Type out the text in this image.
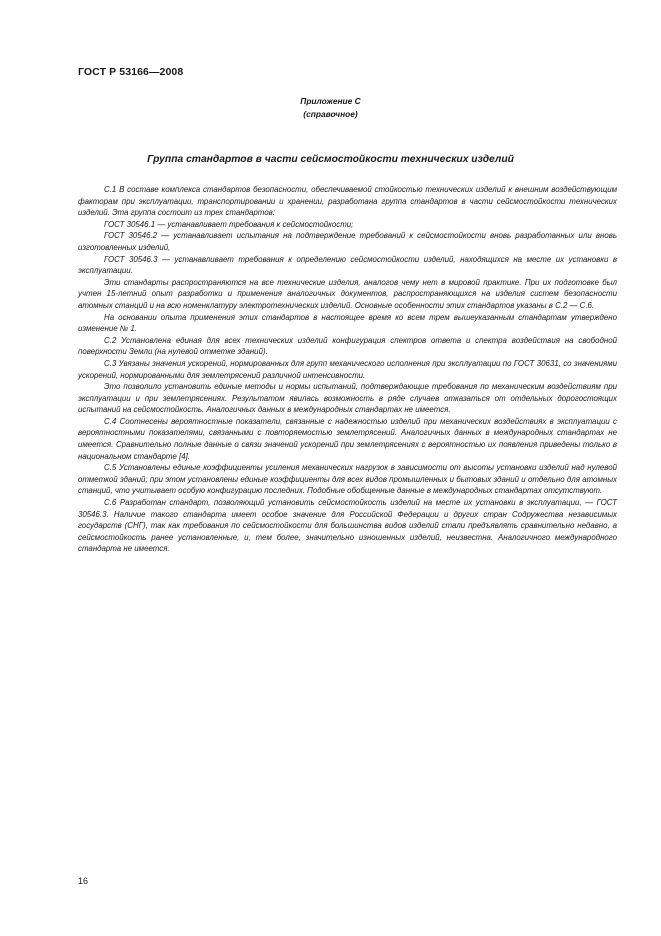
ГОСТ Р 53166—2008
Приложение С
(справочное)
Группа стандартов в части сейсмостойкости технических изделий

С.1 В составе комплекса стандартов безопасности, обеспечиваемой стойкостью технических изделий к внешним воздействующим факторам при эксплуатации, транспортировании и хранении, разработана группа стандартов в части сейсмостойкости технических изделий. Эта группа состоит из трех стандартов:

ГОСТ 30546.1 — устанавливает требования к сейсмостойкости;

ГОСТ 30546.2 — устанавливает испытания на подтверждение требований к сейсмостойкости вновь разработанных или вновь изготовленных изделий,

ГОСТ 30546.3 — устанавливает требования к определению сейсмостойкости изделий, находящихся на месте их установки в эксплуатации.

Эти стандарты распространяются на все технические изделия, аналогов чему нет в мировой практике. При их подготовке был учтен 15-летний опыт разработки и применения аналогичных документов, распространяющихся на изделия систем безопасности атомных станций и на всю номенклатуру электротехнических изделий. Основные особенности этих стандартов указаны в С.2 — С.6.

На основании опыта применения этих стандартов в настоящее время ко всем трем вышеуказанным стандартам утверждено изменение № 1.

С.2 Установлена единая для всех технических изделий конфигурация спектров ответа и спектра воздействия на свободной поверхности Земли (на нулевой отметке зданий).

С.3 Увязаны значения ускорений, нормированных для групп механического исполнения при эксплуатации по ГОСТ 30631, со значениями ускорений, нормированными для землетрясений различной интенсивности.

Это позволило установить единые методы и нормы испытаний, подтверждающие требования по механическим воздействиям при эксплуатации и при землетрясениях. Результатом явилась возможность в ряде случаев отказаться от отдельных дорогостоящих испытаний на сейсмостойкость. Аналогичных данных в международных стандартах не имеется.

С.4 Соотнесены вероятностные показатели, связанные с надежностью изделий при механических воздействиях в эксплуатации с вероятностными показателями, связанными с повторяемостью землетрясений. Аналогичных данных в международных стандартах не имеется. Сравнительно полные данные о связи значений ускорений при землетрясениях с вероятностью их появления приведены только в национальном стандарте [4].

С.5 Установлены единые коэффициенты усиления механических нагрузок в зависимости от высоты установки изделий над нулевой отметкой зданий; при этом установлены единые коэффициенты для всех видов промышленных и бытовых зданий и отдельно для атомных станций, что учитывает особую конфигурацию последних. Подобные обобщенные данные в международных стандартах отсутствуют.

С.6 Разработан стандарт, позволяющий установить сейсмостойкость изделий на месте их установки в эксплуатации, — ГОСТ 30546.3. Наличие такого стандарта имеет особое значение для Российской Федерации и других стран Содружества независимых государств (СНГ), так как требования по сейсмостойкости для большинства видов изделий стали предъявлять сравнительно недавно, а сейсмостойкость ранее установленные, и, тем более, значительно изношенных изделий, неизвестна. Аналогичного международного стандарта не имеется.

16
